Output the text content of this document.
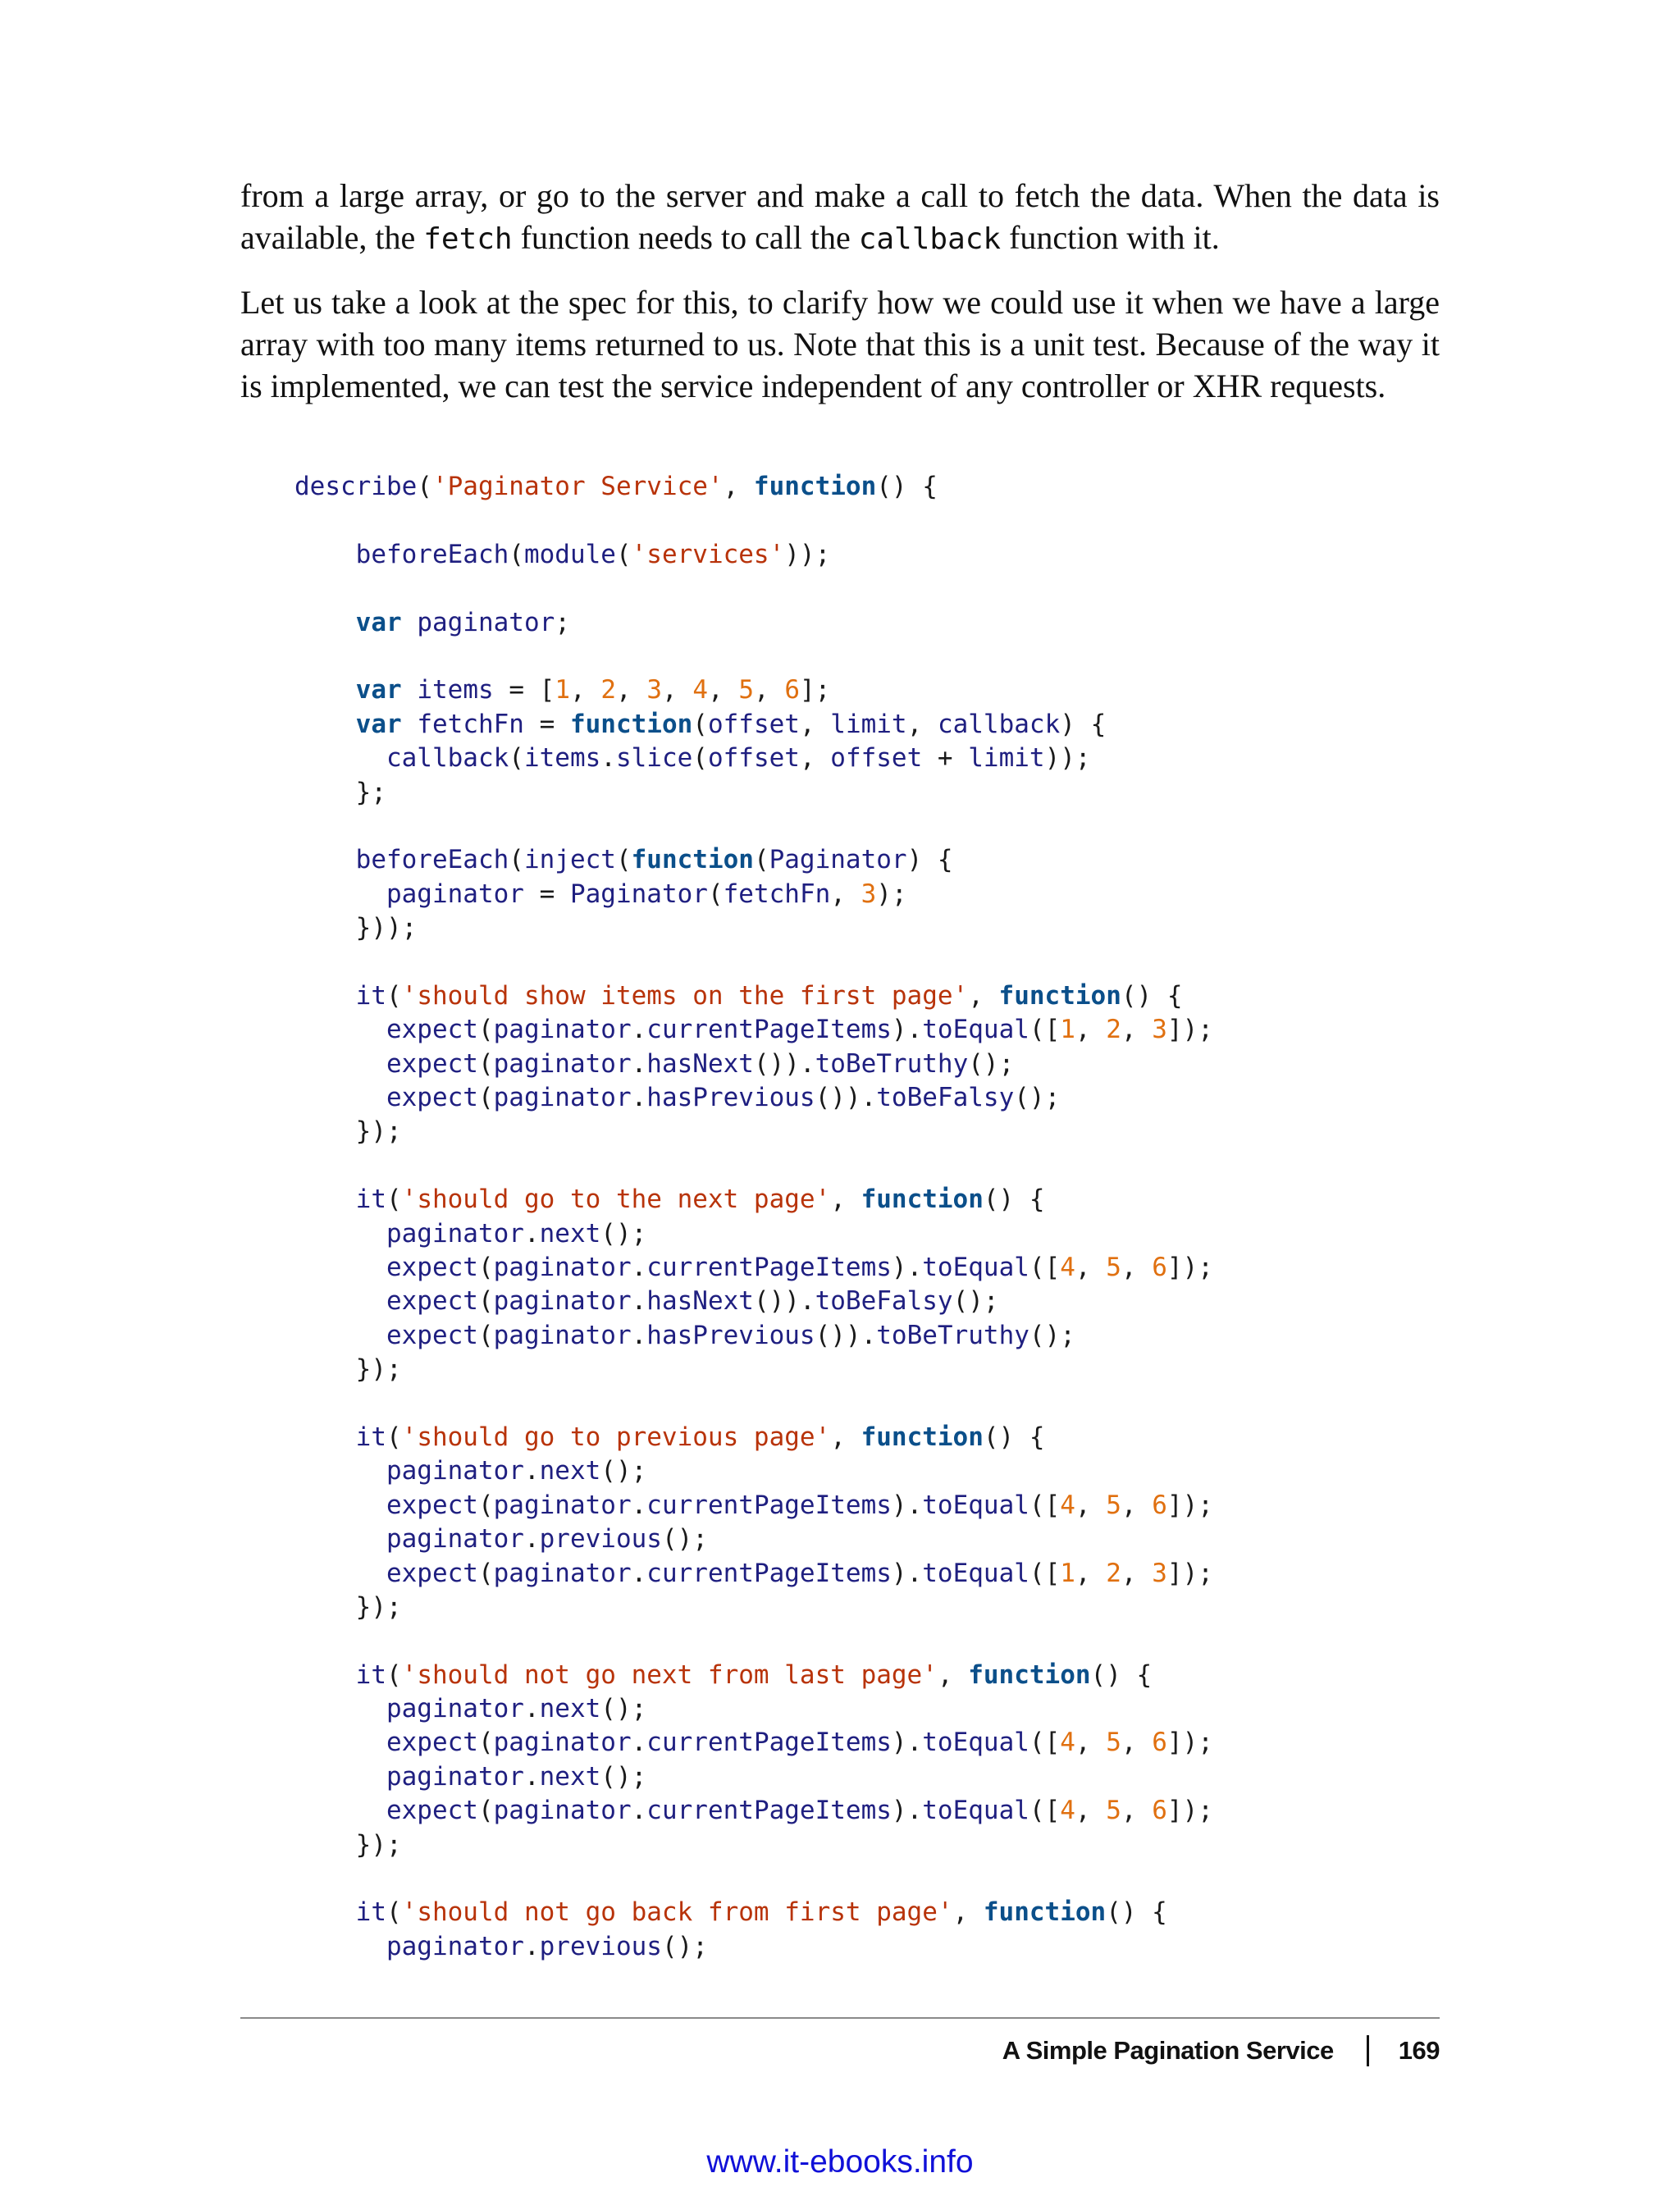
from a large array, or go to the server and make a call to fetch the data. When the data is available, the fetch function needs to call the callback function with it.

Let us take a look at the spec for this, to clarify how we could use it when we have a large array with too many items returned to us. Note that this is a unit test. Because of the way it is implemented, we can test the service independent of any controller or XHR requests.

describe('Paginator Service', function() {
beforeEach(module('services'));
var paginator;
var items = [1, 2, 3, 4, 5, 6];
var fetchFn = function(offset, limit, callback) {
callback(items.slice(offset, offset + limit));
};
beforeEach(inject(function(Paginator) {
paginator = Paginator(fetchFn, 3);
}));
it('should show items on the first page', function() {
expect(paginator.currentPageItems).toEqual([1, 2, 3]);
expect(paginator.hasNext()).toBeTruthy();
expect(paginator.hasPrevious()).toBeFalsy();
});
it('should go to the next page', function() {
paginator.next();
expect(paginator.currentPageItems).toEqual([4, 5, 6]);
expect(paginator.hasNext()).toBeFalsy();
expect(paginator.hasPrevious()).toBeTruthy();
});
it('should go to previous page', function() {
paginator.next();
expect(paginator.currentPageItems).toEqual([4, 5, 6]);
paginator.previous();
expect(paginator.currentPageItems).toEqual([1, 2, 3]);
});
it('should not go next from last page', function() {
paginator.next();
expect(paginator.currentPageItems).toEqual([4, 5, 6]);
paginator.next();
expect(paginator.currentPageItems).toEqual([4, 5, 6]);
});
it('should not go back from first page', function() {
paginator.previous();
A Simple Pagination Service	169
www.it-ebooks.info
